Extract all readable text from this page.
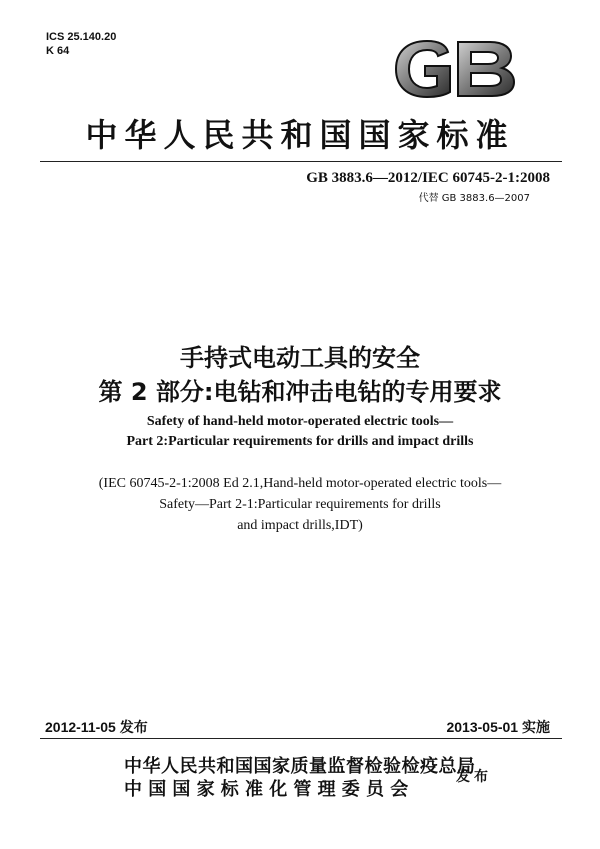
ICS 25.140.20
K 64
中华人民共和国国家标准
GB 3883.6—2012/IEC 60745-2-1:2008
代替 GB 3883.6—2007
手持式电动工具的安全
第 2 部分:电钻和冲击电钻的专用要求
Safety of hand-held motor-operated electric tools—
Part 2:Particular requirements for drills and impact drills
(IEC 60745-2-1:2008 Ed 2.1,Hand-held motor-operated electric tools—
Safety—Part 2-1:Particular requirements for drills
and impact drills,IDT)
2012-11-05 发布	2013-05-01 实施
中华人民共和国国家质量监督检验检疫总局
中国国家标准化管理委员会
发布
